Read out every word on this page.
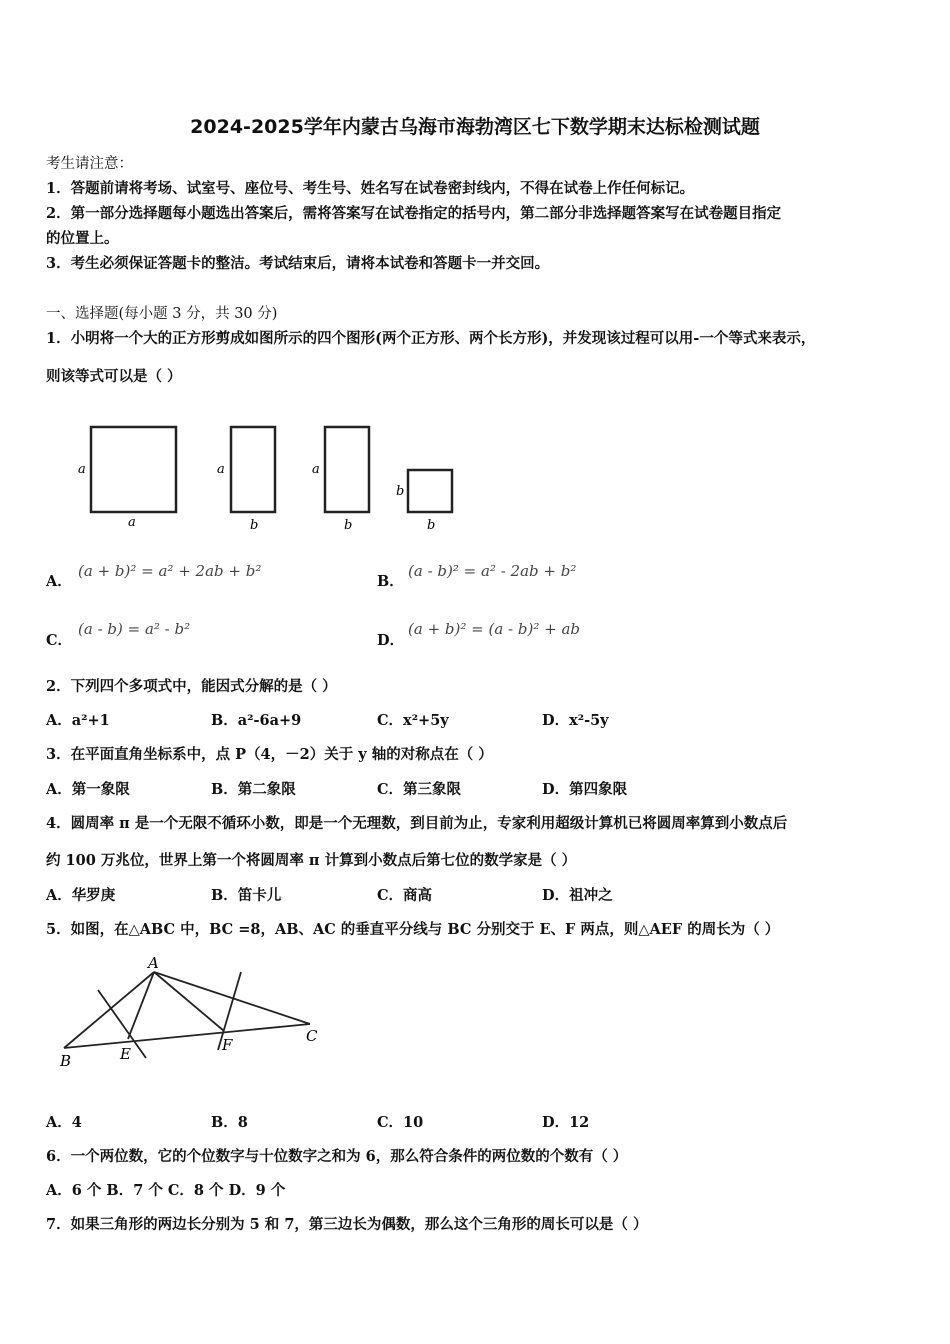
2024-2025学年内蒙古乌海市海勃湾区七下数学期末达标检测试题
考生请注意：
1．答题前请将考场、试室号、座位号、考生号、姓名写在试卷密封线内，不得在试卷上作任何标记。
2．第一部分选择题每小题选出答案后，需将答案写在试卷指定的括号内，第二部分非选择题答案写在试卷题目指定
的位置上。
3．考生必须保证答题卡的整洁。考试结束后，请将本试卷和答题卡一并交回。
一、选择题(每小题 3 分，共 30 分)
1．小明将一个大的正方形剪成如图所示的四个图形(两个正方形、两个长方形)，并发现该过程可以用-一个等式来表示，
则该等式可以是（ ）
a
a
a
b
a
b
b
b
A．
(a + b)² = a² + 2ab + b²
B．
(a - b)² = a² - 2ab + b²
C．
(a - b) = a² - b²
D．
(a + b)² = (a - b)² + ab
2．下列四个多项式中，能因式分解的是（ ）
A．a²+1	B．a²-6a+9	C．x²+5y	D．x²-5y
3．在平面直角坐标系中，点 P（4，－2）关于 y 轴的对称点在（ ）
A．第一象限	B．第二象限	C．第三象限	D．第四象限
4．圆周率 π 是一个无限不循环小数，即是一个无理数，到目前为止，专家利用超级计算机已将圆周率算到小数点后
约 100 万兆位，世界上第一个将圆周率 π 计算到小数点后第七位的数学家是（ ）
A．华罗庚	B．笛卡儿	C．商高	D．祖冲之
5．如图，在△ABC 中，BC =8，AB、AC 的垂直平分线与 BC 分别交于 E、F 两点，则△AEF 的周长为（ ）
A
B	E	F	C
A．4	B．8	C．10	D．12
6．一个两位数，它的个位数字与十位数字之和为 6，那么符合条件的两位数的个数有（ ）
A．6 个 B．7 个 C．8 个 D．9 个
7．如果三角形的两边长分别为 5 和 7，第三边长为偶数，那么这个三角形的周长可以是（ ）
